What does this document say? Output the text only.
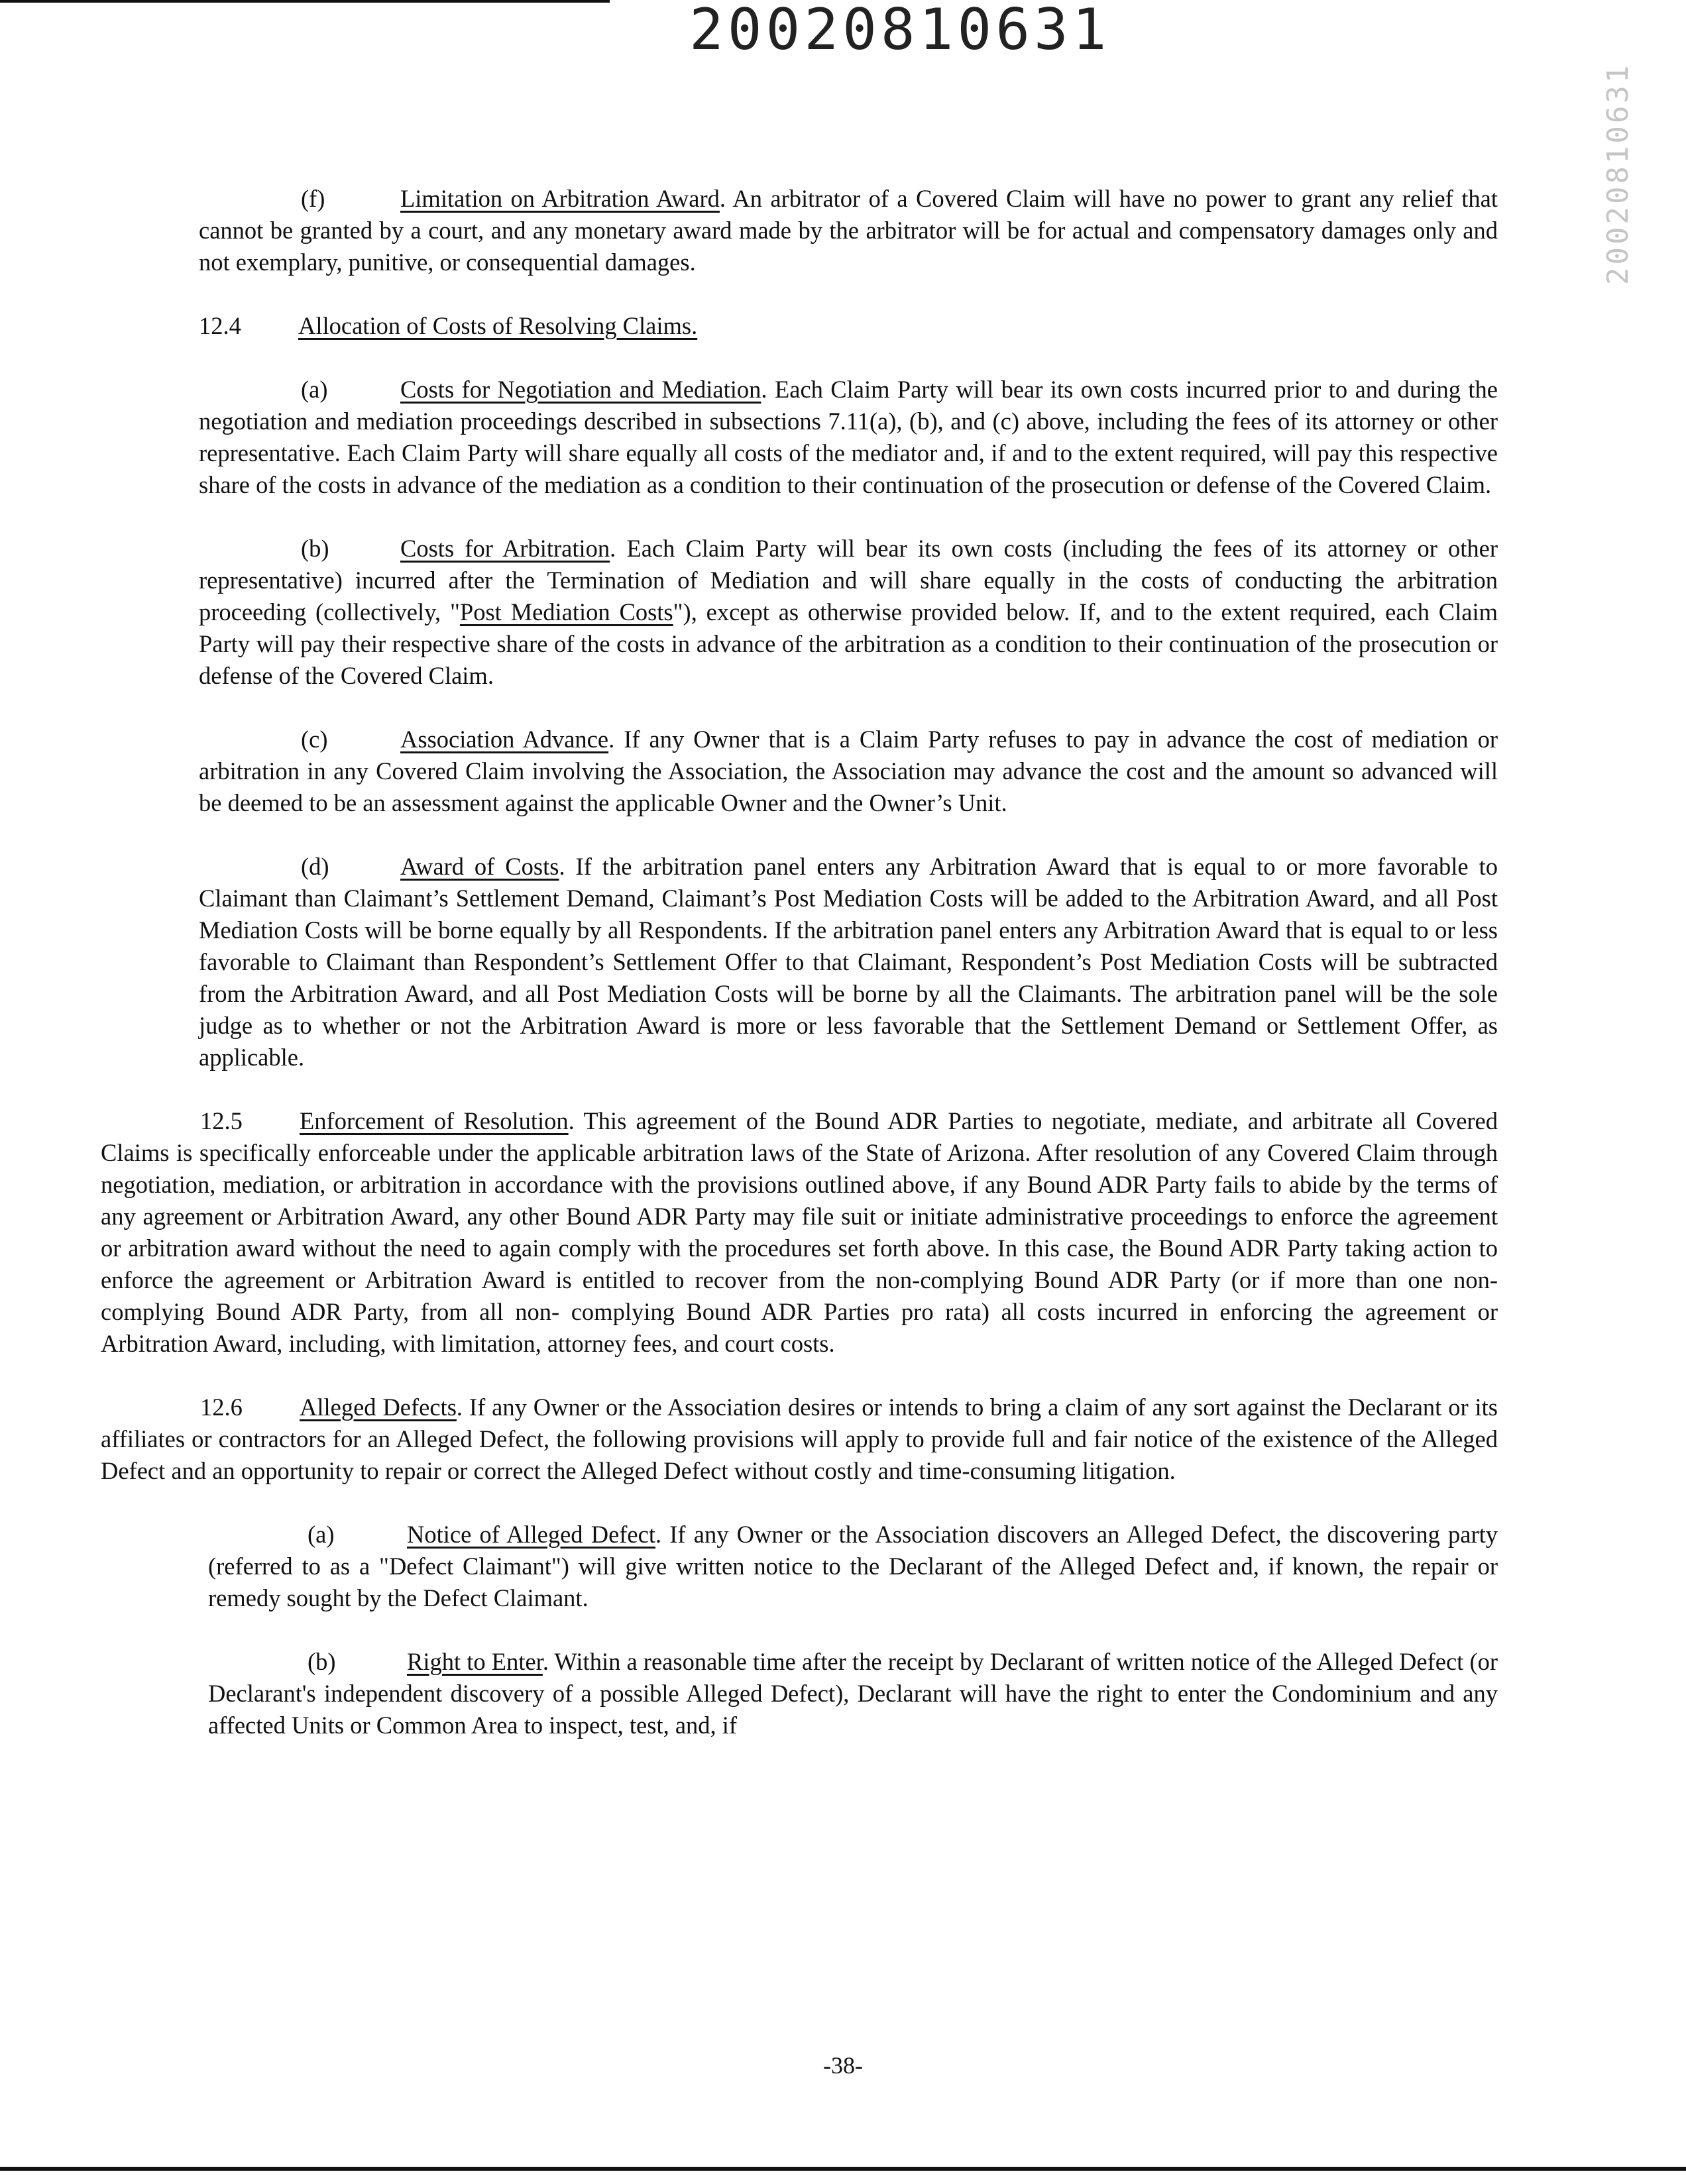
20020810631
20020810631

(f)	Limitation on Arbitration Award. An arbitrator of a Covered Claim will have no power to grant any relief that cannot be granted by a court, and any monetary award made by the arbitrator will be for actual and compensatory damages only and not exemplary, punitive, or consequential damages.

12.4 Allocation of Costs of Resolving Claims.

(a)	Costs for Negotiation and Mediation. Each Claim Party will bear its own costs incurred prior to and during the negotiation and mediation proceedings described in subsections 7.11(a), (b), and (c) above, including the fees of its attorney or other representative. Each Claim Party will share equally all costs of the mediator and, if and to the extent required, will pay this respective share of the costs in advance of the mediation as a condition to their continuation of the prosecution or defense of the Covered Claim.

(b)	Costs for Arbitration. Each Claim Party will bear its own costs (including the fees of its attorney or other representative) incurred after the Termination of Mediation and will share equally in the costs of conducting the arbitration proceeding (collectively, "Post Mediation Costs"), except as otherwise provided below. If, and to the extent required, each Claim Party will pay their respective share of the costs in advance of the arbitration as a condition to their continuation of the prosecution or defense of the Covered Claim.

(c)	Association Advance. If any Owner that is a Claim Party refuses to pay in advance the cost of mediation or arbitration in any Covered Claim involving the Association, the Association may advance the cost and the amount so advanced will be deemed to be an assessment against the applicable Owner and the Owner’s Unit.

(d)	Award of Costs. If the arbitration panel enters any Arbitration Award that is equal to or more favorable to Claimant than Claimant’s Settlement Demand, Claimant’s Post Mediation Costs will be added to the Arbitration Award, and all Post Mediation Costs will be borne equally by all Respondents. If the arbitration panel enters any Arbitration Award that is equal to or less favorable to Claimant than Respondent’s Settlement Offer to that Claimant, Respondent’s Post Mediation Costs will be subtracted from the Arbitration Award, and all Post Mediation Costs will be borne by all the Claimants. The arbitration panel will be the sole judge as to whether or not the Arbitration Award is more or less favorable that the Settlement Demand or Settlement Offer, as applicable.

12.5 Enforcement of Resolution. This agreement of the Bound ADR Parties to negotiate, mediate, and arbitrate all Covered Claims is specifically enforceable under the applicable arbitration laws of the State of Arizona. After resolution of any Covered Claim through negotiation, mediation, or arbitration in accordance with the provisions outlined above, if any Bound ADR Party fails to abide by the terms of any agreement or Arbitration Award, any other Bound ADR Party may file suit or initiate administrative proceedings to enforce the agreement or arbitration award without the need to again comply with the procedures set forth above. In this case, the Bound ADR Party taking action to enforce the agreement or Arbitration Award is entitled to recover from the non-complying Bound ADR Party (or if more than one non-complying Bound ADR Party, from all non- complying Bound ADR Parties pro rata) all costs incurred in enforcing the agreement or Arbitration Award, including, with limitation, attorney fees, and court costs.

12.6 Alleged Defects. If any Owner or the Association desires or intends to bring a claim of any sort against the Declarant or its affiliates or contractors for an Alleged Defect, the following provisions will apply to provide full and fair notice of the existence of the Alleged Defect and an opportunity to repair or correct the Alleged Defect without costly and time-consuming litigation.

(a)	Notice of Alleged Defect. If any Owner or the Association discovers an Alleged Defect, the discovering party (referred to as a "Defect Claimant") will give written notice to the Declarant of the Alleged Defect and, if known, the repair or remedy sought by the Defect Claimant.

(b)	Right to Enter. Within a reasonable time after the receipt by Declarant of written notice of the Alleged Defect (or Declarant's independent discovery of a possible Alleged Defect), Declarant will have the right to enter the Condominium and any affected Units or Common Area to inspect, test, and, if

-38-
